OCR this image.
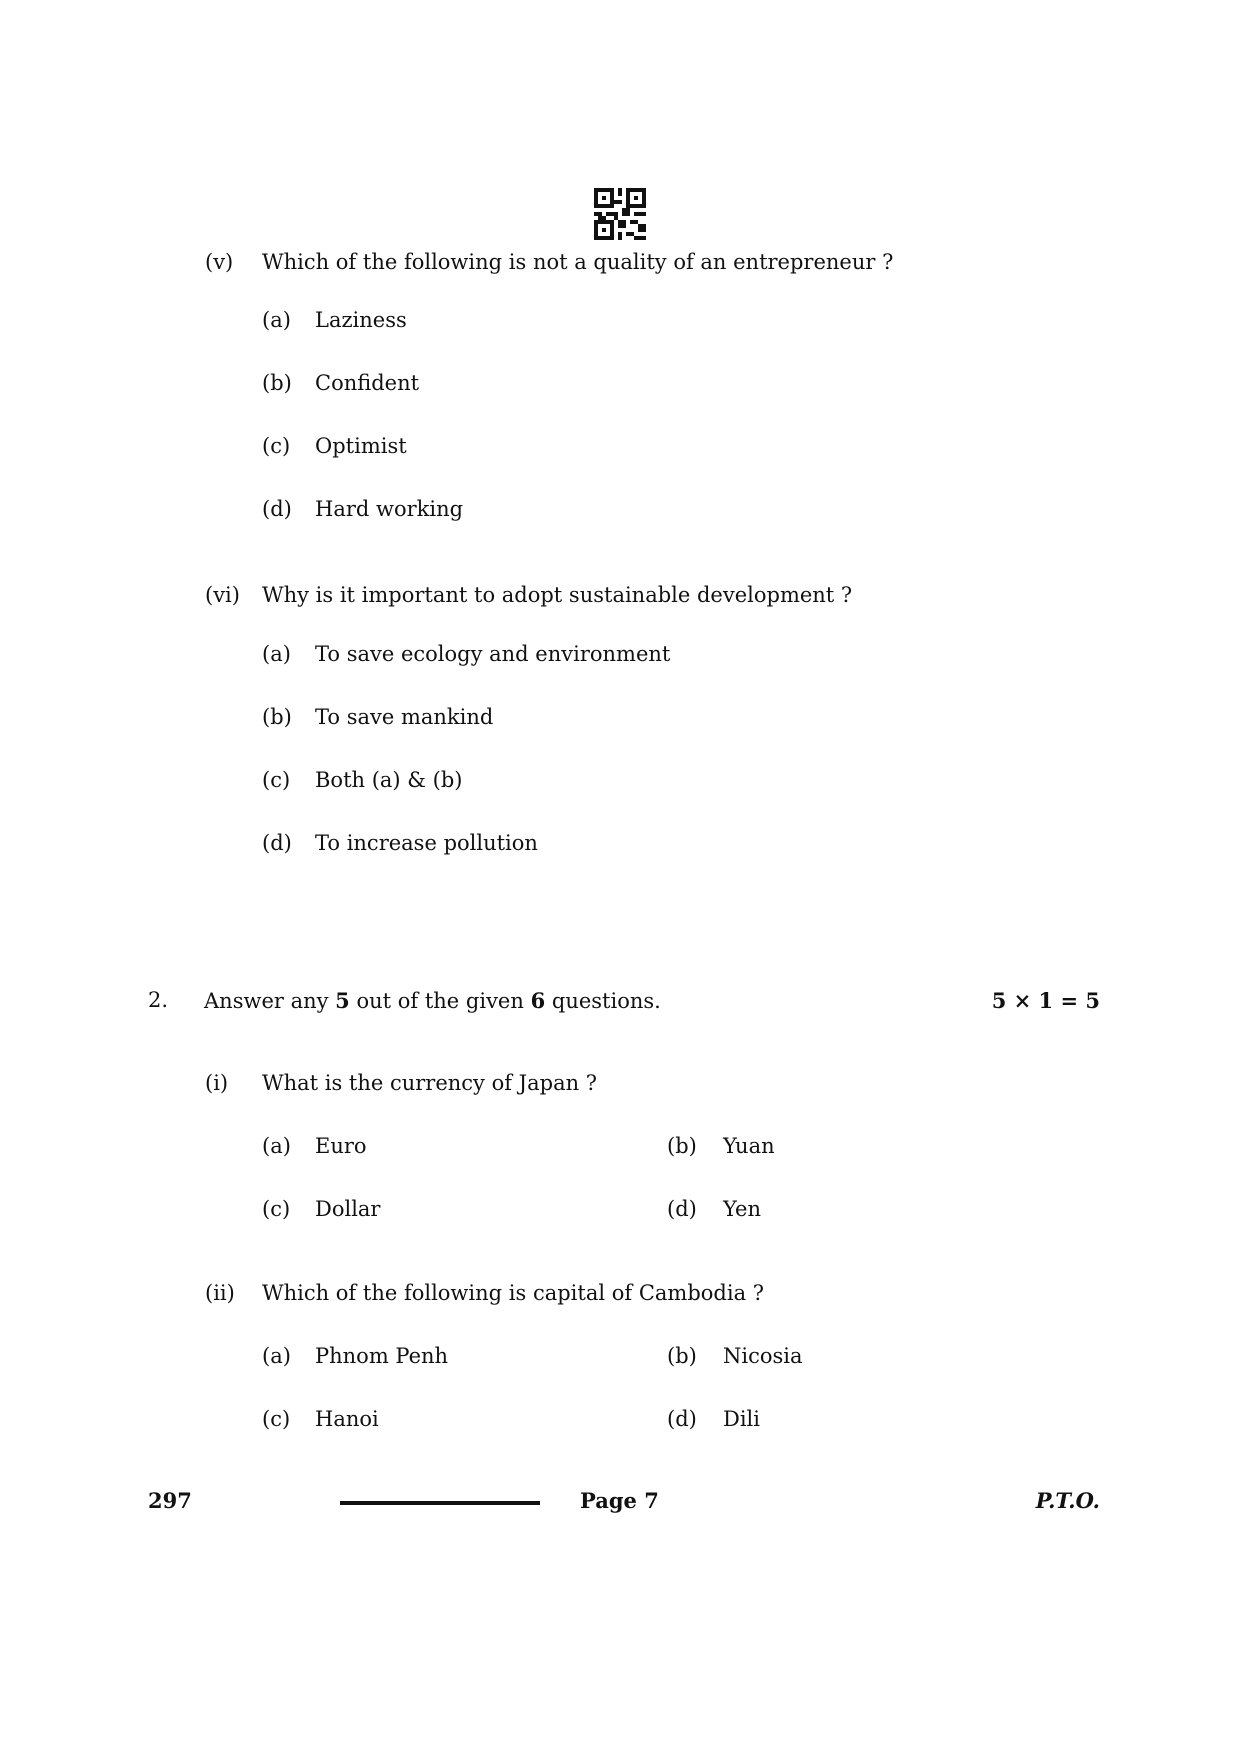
(v) Which of the following is not a quality of an entrepreneur ?
(a) Laziness
(b) Confident
(c) Optimist
(d) Hard working
(vi) Why is it important to adopt sustainable development ?
(a) To save ecology and environment
(b) To save mankind
(c) Both (a) & (b)
(d) To increase pollution
2. Answer any 5 out of the given 6 questions.	5 × 1 = 5
(i) What is the currency of Japan ?
(a) Euro	(b) Yuan
(c) Dollar	(d) Yen
(ii) Which of the following is capital of Cambodia ?
(a) Phnom Penh	(b) Nicosia
(c) Hanoi	(d) Dili
297	Page 7	P.T.O.
